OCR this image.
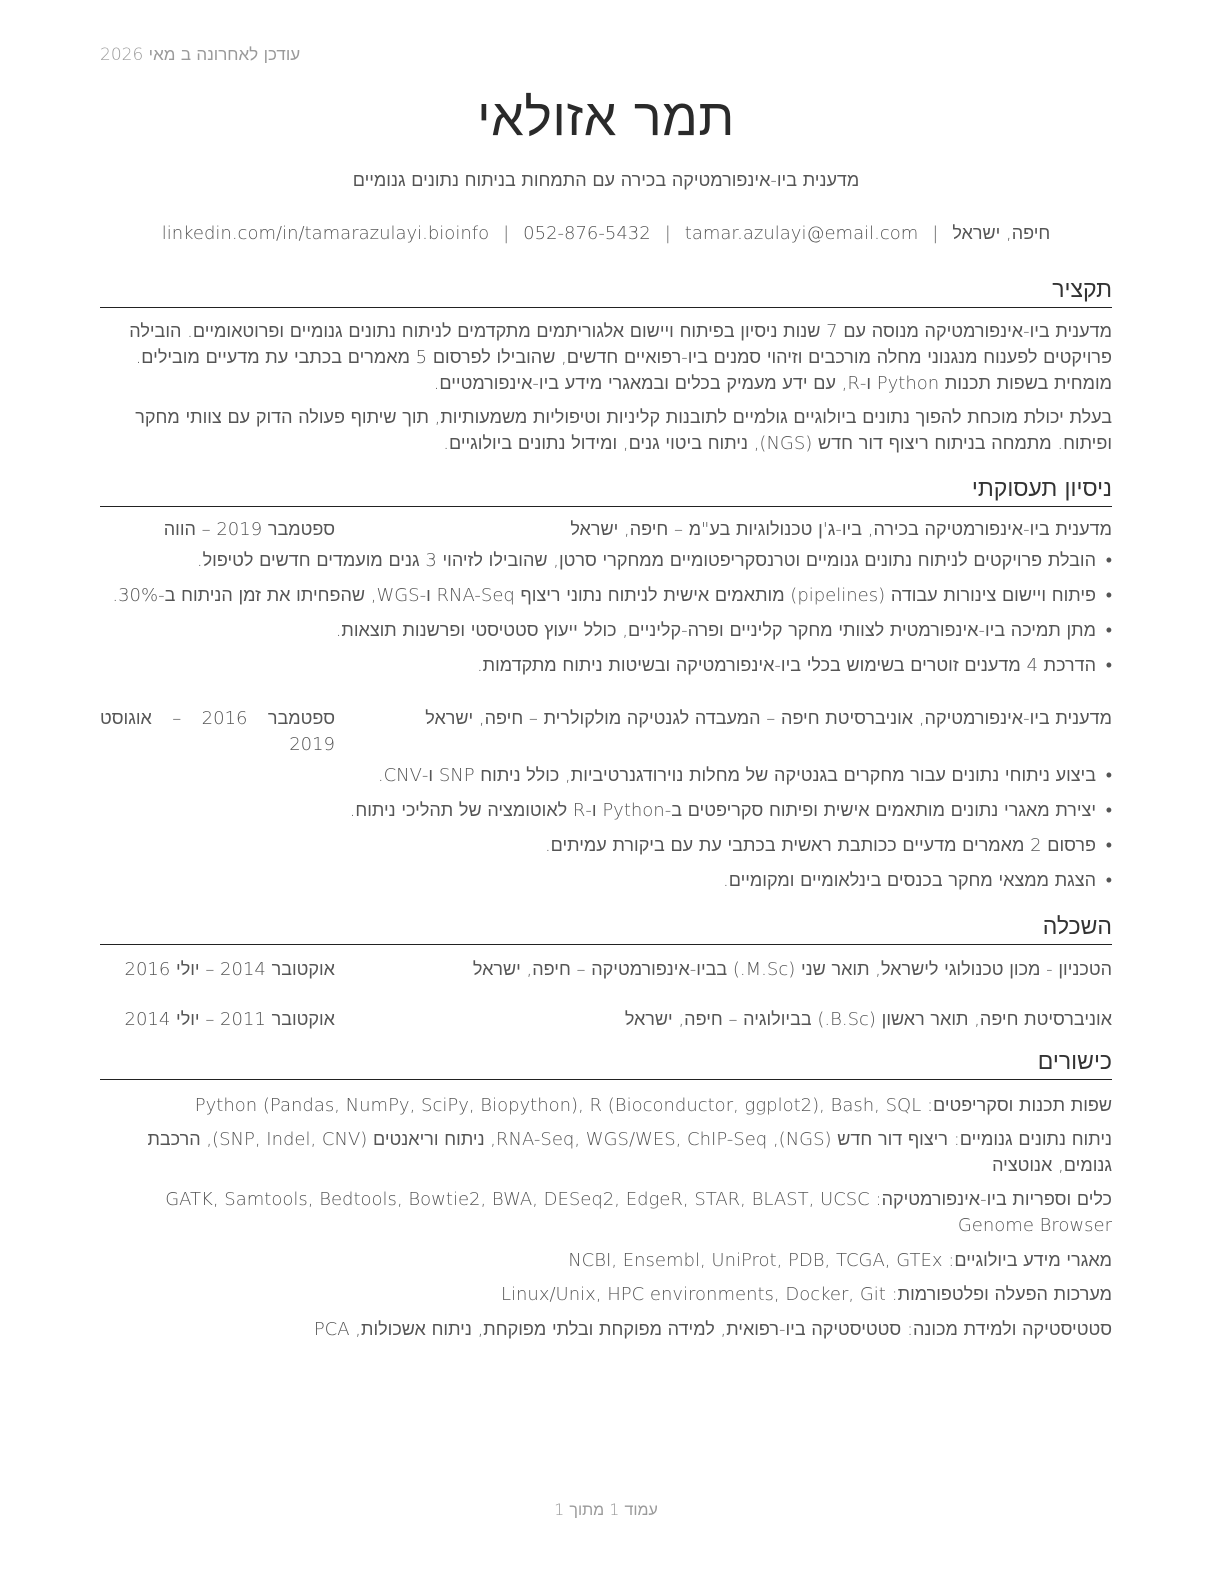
עודכן לאחרונה ב מאי 2026
תמר אזולאי
מדענית ביו-אינפורמטיקה בכירה עם התמחות בניתוח נתונים גנומיים
חיפה, ישראל|tamar.azulayi@email.com|052-876-5432|linkedin.com/in/tamarazulayi.bioinfo
תקציר
מדענית ביו-אינפורמטיקה מנוסה עם 7 שנות ניסיון בפיתוח ויישום אלגוריתמים מתקדמים לניתוח נתונים גנומיים ופרוטאומיים. הובילה פרויקטים לפענוח מנגנוני מחלה מורכבים וזיהוי סמנים ביו-רפואיים חדשים, שהובילו לפרסום 5 מאמרים בכתבי עת מדעיים מובילים. מומחית בשפות תכנות Python ו-R, עם ידע מעמיק בכלים ובמאגרי מידע ביו-אינפורמטיים.
בעלת יכולת מוכחת להפוך נתונים ביולוגיים גולמיים לתובנות קליניות וטיפוליות משמעותיות, תוך שיתוף פעולה הדוק עם צוותי מחקר ופיתוח. מתמחה בניתוח ריצוף דור חדש (NGS), ניתוח ביטוי גנים, ומידול נתונים ביולוגיים.
ניסיון תעסוקתי
מדענית ביו-אינפורמטיקה בכירה, ביו-ג'ן טכנולוגיות בע"מ – חיפה, ישראל
ספטמבר 2019 – הווה
• הובלת פרויקטים לניתוח נתונים גנומיים וטרנסקריפטומיים ממחקרי סרטן, שהובילו לזיהוי 3 גנים מועמדים חדשים לטיפול.
• פיתוח ויישום צינורות עבודה (pipelines) מותאמים אישית לניתוח נתוני ריצוף RNA-Seq ו-WGS, שהפחיתו את זמן הניתוח ב-30%.
• מתן תמיכה ביו-אינפורמטית לצוותי מחקר קליניים ופרה-קליניים, כולל ייעוץ סטטיסטי ופרשנות תוצאות.
• הדרכת 4 מדענים זוטרים בשימוש בכלי ביו-אינפורמטיקה ובשיטות ניתוח מתקדמות.
מדענית ביו-אינפורמטיקה, אוניברסיטת חיפה – המעבדה לגנטיקה מולקולרית – חיפה, ישראל
ספטמבר 2016 – אוגוסט
2019
• ביצוע ניתוחי נתונים עבור מחקרים בגנטיקה של מחלות נוירודגנרטיביות, כולל ניתוח SNP ו-CNV.
• יצירת מאגרי נתונים מותאמים אישית ופיתוח סקריפטים ב-Python ו-R לאוטומציה של תהליכי ניתוח.
• פרסום 2 מאמרים מדעיים ככותבת ראשית בכתבי עת עם ביקורת עמיתים.
• הצגת ממצאי מחקר בכנסים בינלאומיים ומקומיים.
השכלה
הטכניון - מכון טכנולוגי לישראל, תואר שני (M.Sc.) בביו-אינפורמטיקה – חיפה, ישראל
אוקטובר 2014 – יולי 2016
אוניברסיטת חיפה, תואר ראשון (B.Sc.) בביולוגיה – חיפה, ישראל
אוקטובר 2011 – יולי 2014
כישורים
שפות תכנות וסקריפטים: Python (Pandas, NumPy, SciPy, Biopython), R (Bioconductor, ggplot2), Bash, SQL
ניתוח נתונים גנומיים: ריצוף דור חדש (NGS), RNA-Seq, WGS/WES, ChIP-Seq, ניתוח וריאנטים (SNP, Indel, CNV), הרכבת גנומים, אנוטציה
כלים וספריות ביו-אינפורמטיקה: GATK, Samtools, Bedtools, Bowtie2, BWA, DESeq2, EdgeR, STAR, BLAST, UCSC Genome Browser
מאגרי מידע ביולוגיים: NCBI, Ensembl, UniProt, PDB, TCGA, GTEx
מערכות הפעלה ופלטפורמות: Linux/Unix, HPC environments, Docker, Git
סטטיסטיקה ולמידת מכונה: סטטיסטיקה ביו-רפואית, למידה מפוקחת ובלתי מפוקחת, ניתוח אשכולות, PCA
עמוד 1 מתוך 1
